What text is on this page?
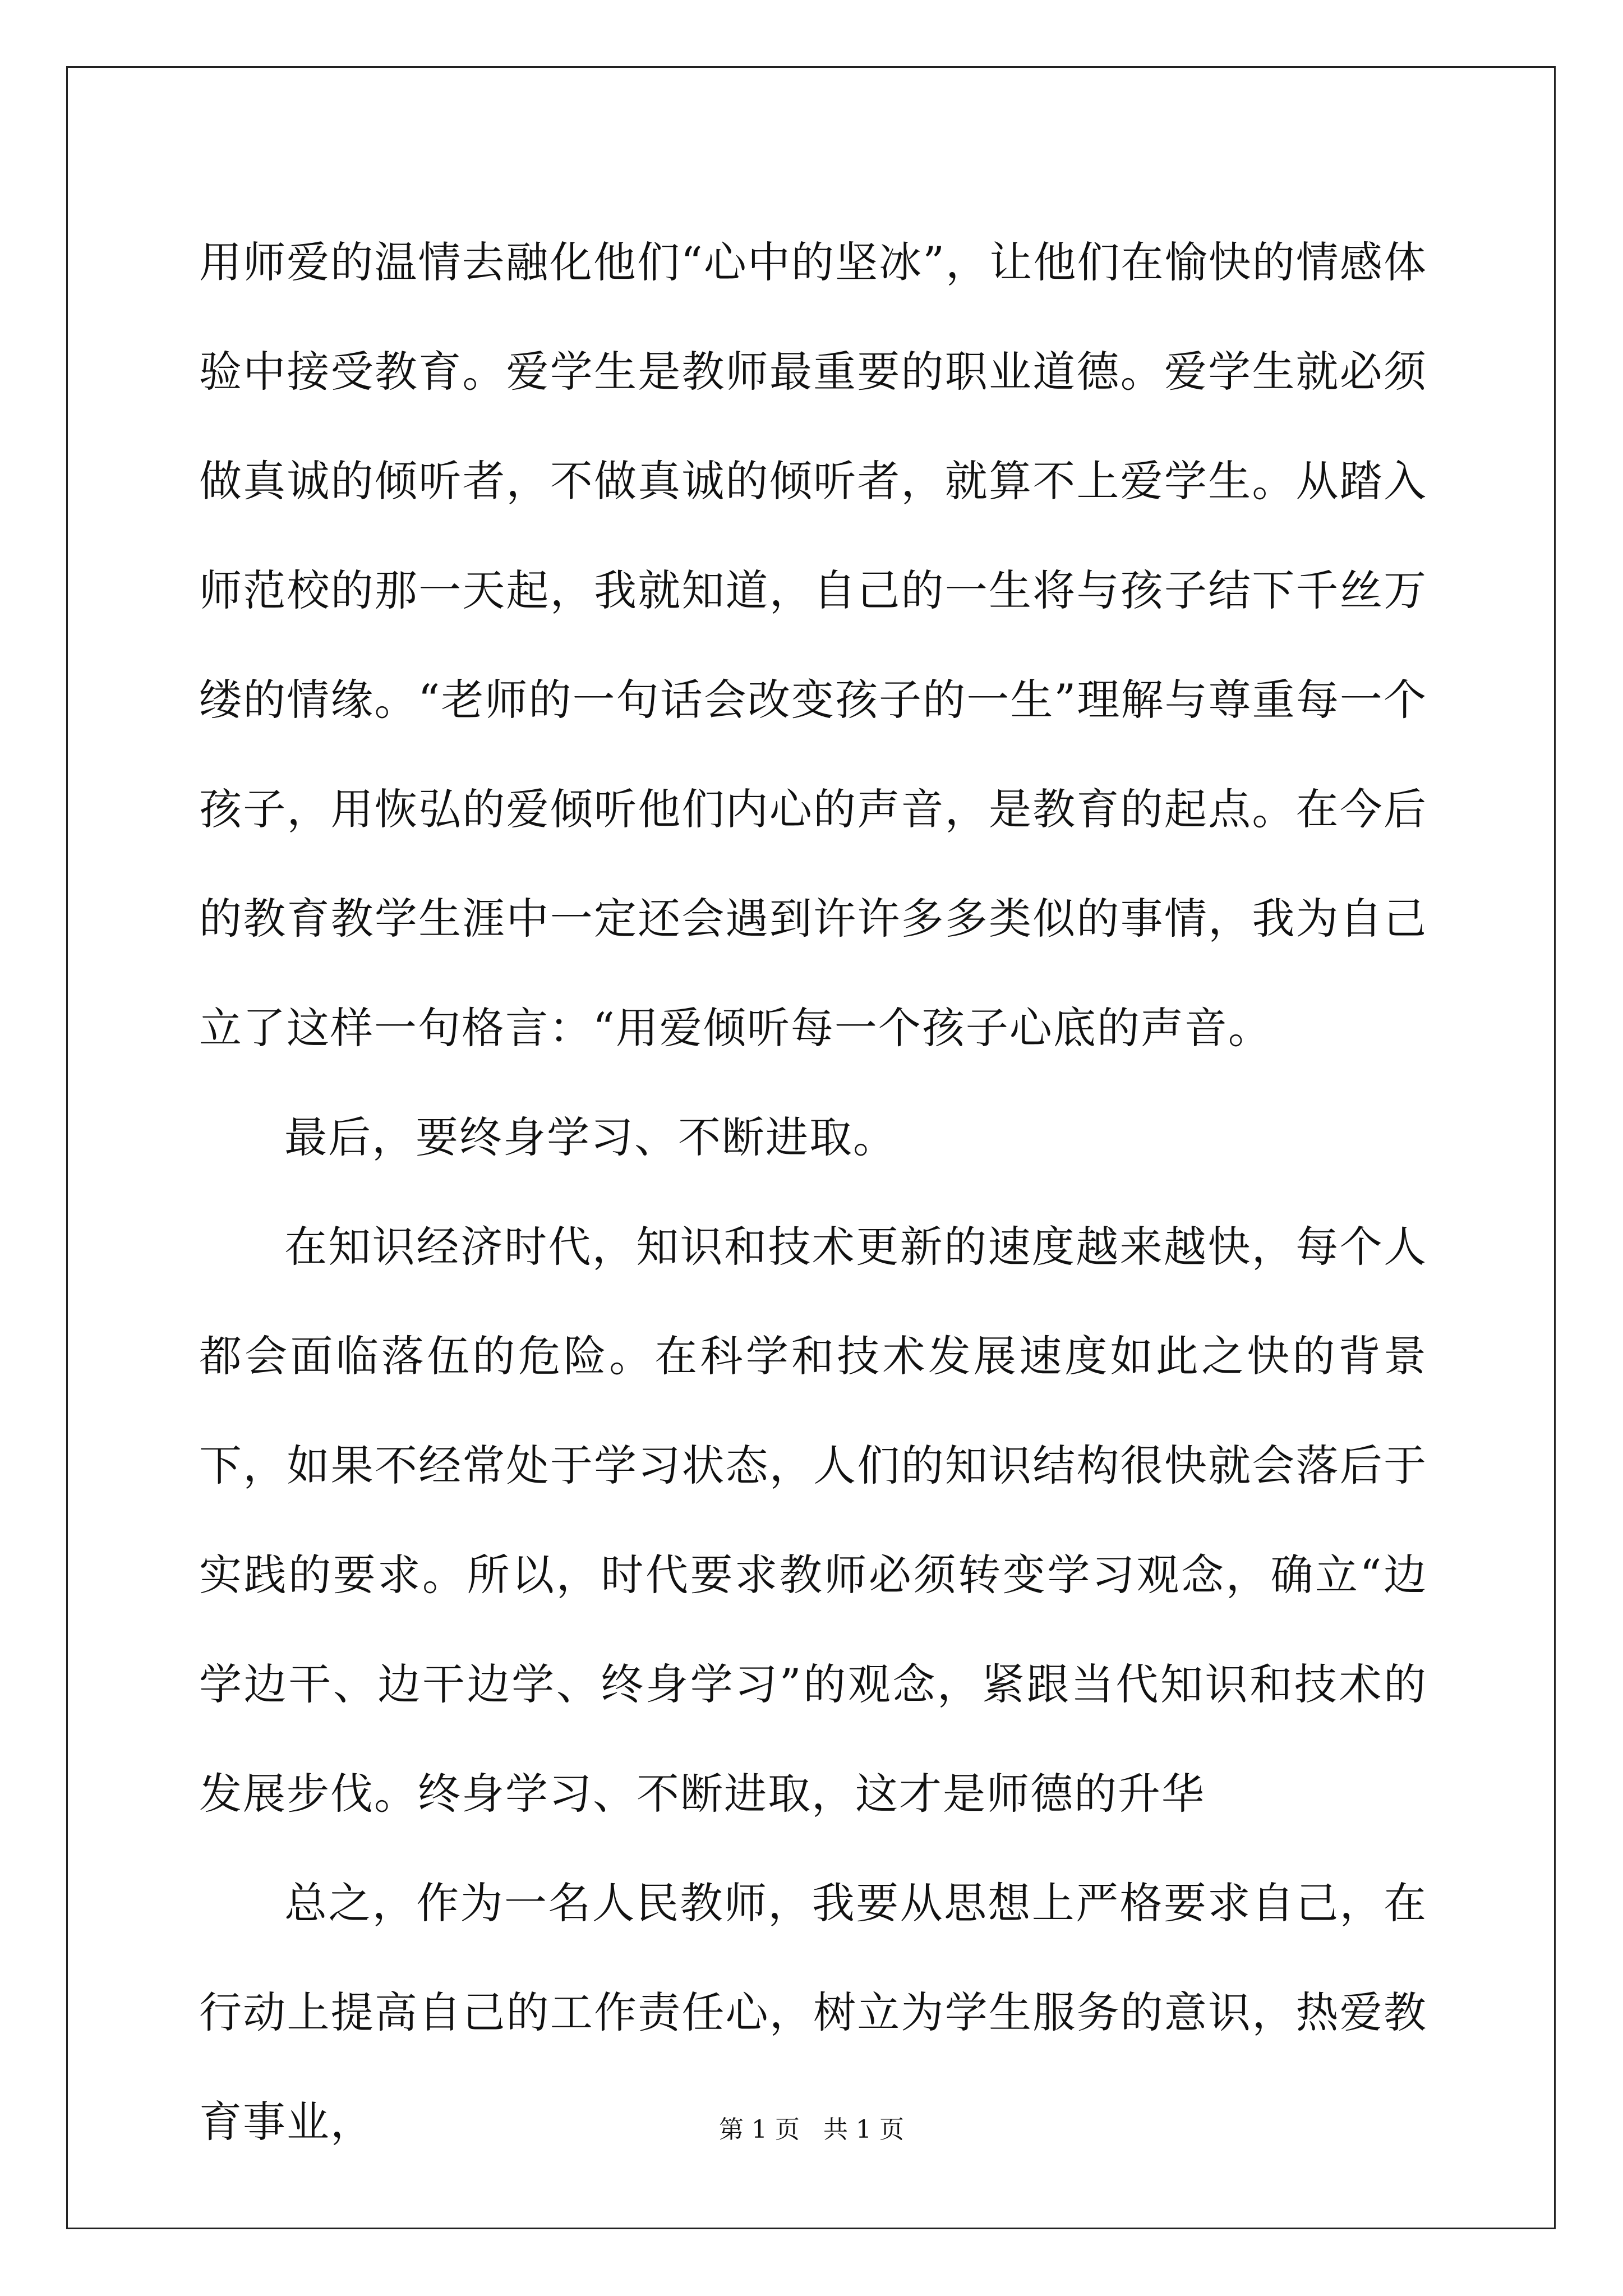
用师爱的温情去融化他们“心中的坚冰”，让他们在愉快的情感体验中接受教育。爱学生是教师最重要的职业道德。爱学生就必须做真诚的倾听者，不做真诚的倾听者，就算不上爱学生。从踏入师范校的那一天起，我就知道，自己的一生将与孩子结下千丝万缕的情缘。“老师的一句话会改变孩子的一生”理解与尊重每一个孩子，用恢弘的爱倾听他们内心的声音，是教育的起点。在今后的教育教学生涯中一定还会遇到许许多多类似的事情，我为自己立了这样一句格言：“用爱倾听每一个孩子心底的声音。

最后，要终身学习、不断进取。

在知识经济时代，知识和技术更新的速度越来越快，每个人都会面临落伍的危险。在科学和技术发展速度如此之快的背景下，如果不经常处于学习状态，人们的知识结构很快就会落后于实践的要求。所以，时代要求教师必须转变学习观念，确立“边学边干、边干边学、终身学习”的观念，紧跟当代知识和技术的发展步伐。终身学习、不断进取，这才是师德的升华

总之，作为一名人民教师，我要从思想上严格要求自己，在行动上提高自己的工作责任心，树立为学生服务的意识，热爱教育事业，	第 1 页   共 1 页
